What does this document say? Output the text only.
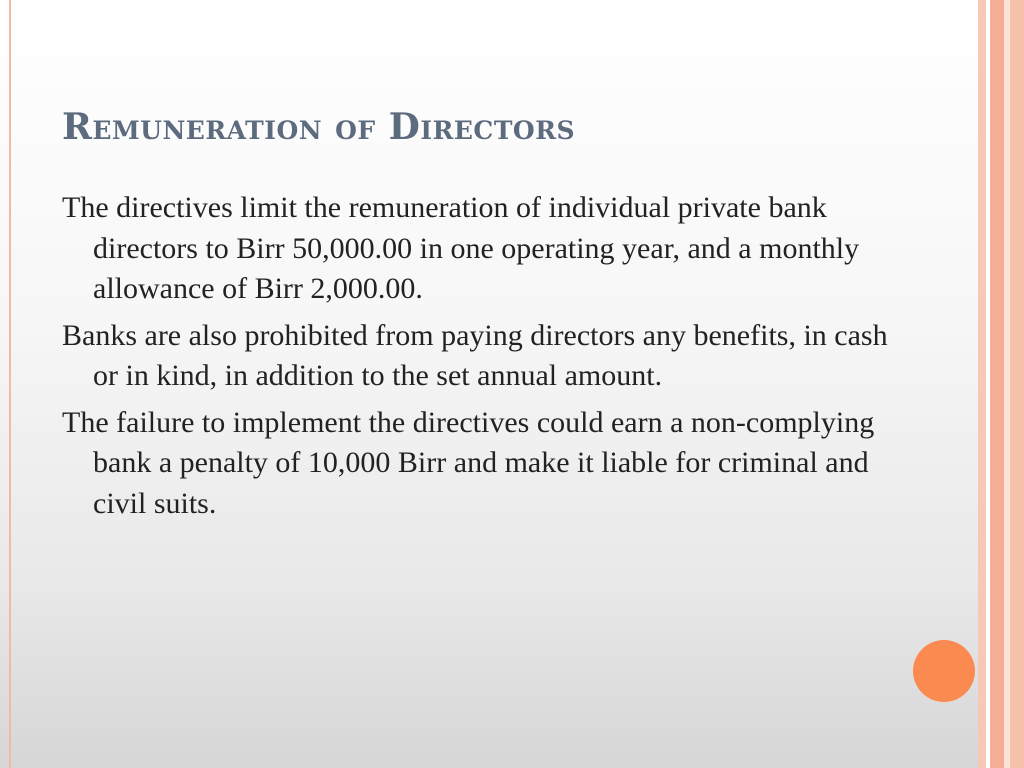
Remuneration of Directors
The directives limit the remuneration of individual private bank directors to Birr 50,000.00 in one operating year, and a monthly allowance of Birr 2,000.00.
Banks are also prohibited from paying directors any benefits, in cash or in kind, in addition to the set annual amount.
The failure to implement the directives could earn a non-complying bank a penalty of 10,000 Birr and make it liable for criminal and civil suits.
